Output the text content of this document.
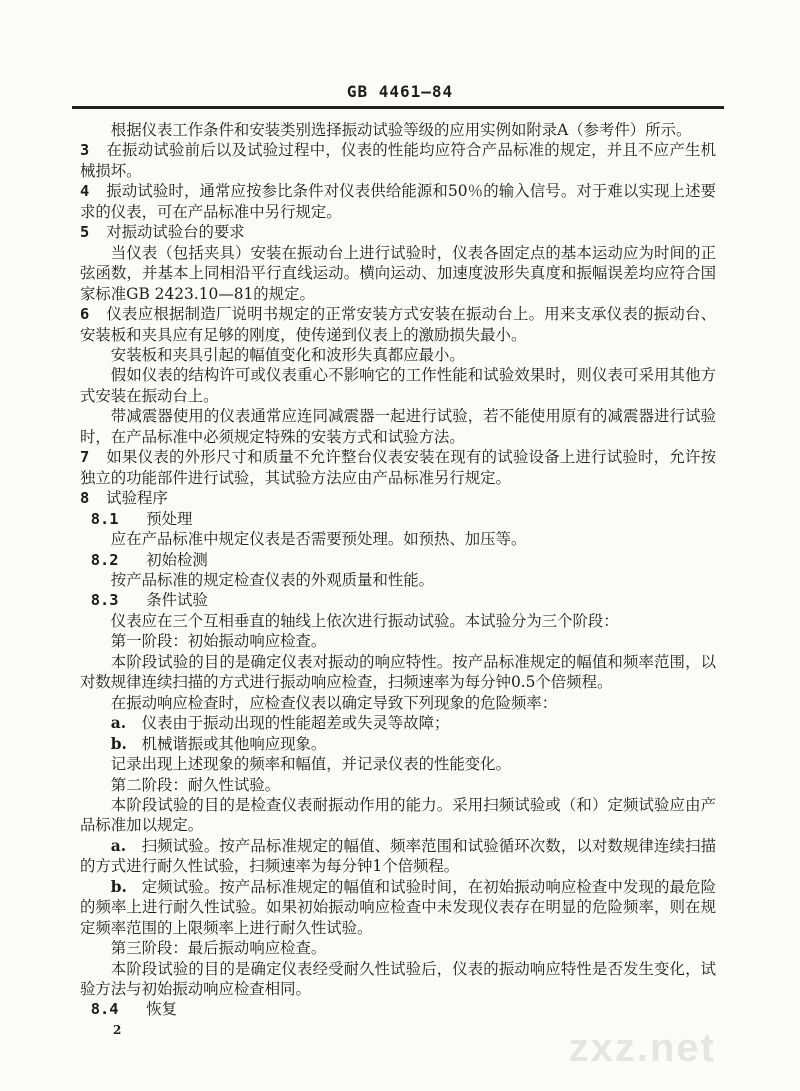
GB 4461—84

根据仪表工作条件和安装类别选择振动试验等级的应用实例如附录A（参考件）所示。

3 在振动试验前后以及试验过程中，仪表的性能均应符合产品标准的规定，并且不应产生机械损坏。

4 振动试验时，通常应按参比条件对仪表供给能源和50％的输入信号。对于难以实现上述要求的仪表，可在产品标准中另行规定。

5 对振动试验台的要求

当仪表（包括夹具）安装在振动台上进行试验时，仪表各固定点的基本运动应为时间的正弦函数，并基本上同相沿平行直线运动。横向运动、加速度波形失真度和振幅误差均应符合国家标准GB 2423.10—81的规定。

6 仪表应根据制造厂说明书规定的正常安装方式安装在振动台上。用来支承仪表的振动台、安装板和夹具应有足够的刚度，使传递到仪表上的激励损失最小。

安装板和夹具引起的幅值变化和波形失真都应最小。

假如仪表的结构许可或仪表重心不影响它的工作性能和试验效果时，则仪表可采用其他方式安装在振动台上。

带减震器使用的仪表通常应连同减震器一起进行试验，若不能使用原有的减震器进行试验时，在产品标准中必须规定特殊的安装方式和试验方法。

7 如果仪表的外形尺寸和质量不允许整台仪表安装在现有的试验设备上进行试验时，允许按独立的功能部件进行试验，其试验方法应由产品标准另行规定。

8 试验程序

8.1 预处理

应在产品标准中规定仪表是否需要预处理。如预热、加压等。

8.2 初始检测

按产品标准的规定检查仪表的外观质量和性能。

8.3 条件试验

仪表应在三个互相垂直的轴线上依次进行振动试验。本试验分为三个阶段：

第一阶段：初始振动响应检查。

本阶段试验的目的是确定仪表对振动的响应特性。按产品标准规定的幅值和频率范围，以对数规律连续扫描的方式进行振动响应检查，扫频速率为每分钟0.5个倍频程。

在振动响应检查时，应检查仪表以确定导致下列现象的危险频率：

a. 仪表由于振动出现的性能超差或失灵等故障；

b. 机械谐振或其他响应现象。

记录出现上述现象的频率和幅值，并记录仪表的性能变化。

第二阶段：耐久性试验。

本阶段试验的目的是检查仪表耐振动作用的能力。采用扫频试验或（和）定频试验应由产品标准加以规定。

a. 扫频试验。按产品标准规定的幅值、频率范围和试验循环次数，以对数规律连续扫描的方式进行耐久性试验，扫频速率为每分钟1个倍频程。

b. 定频试验。按产品标准规定的幅值和试验时间，在初始振动响应检查中发现的最危险的频率上进行耐久性试验。如果初始振动响应检查中未发现仪表存在明显的危险频率，则在规定频率范围的上限频率上进行耐久性试验。

第三阶段：最后振动响应检查。

本阶段试验的目的是确定仪表经受耐久性试验后，仪表的振动响应特性是否发生变化，试验方法与初始振动响应检查相同。

8.4 恢复

2	zxz.net
